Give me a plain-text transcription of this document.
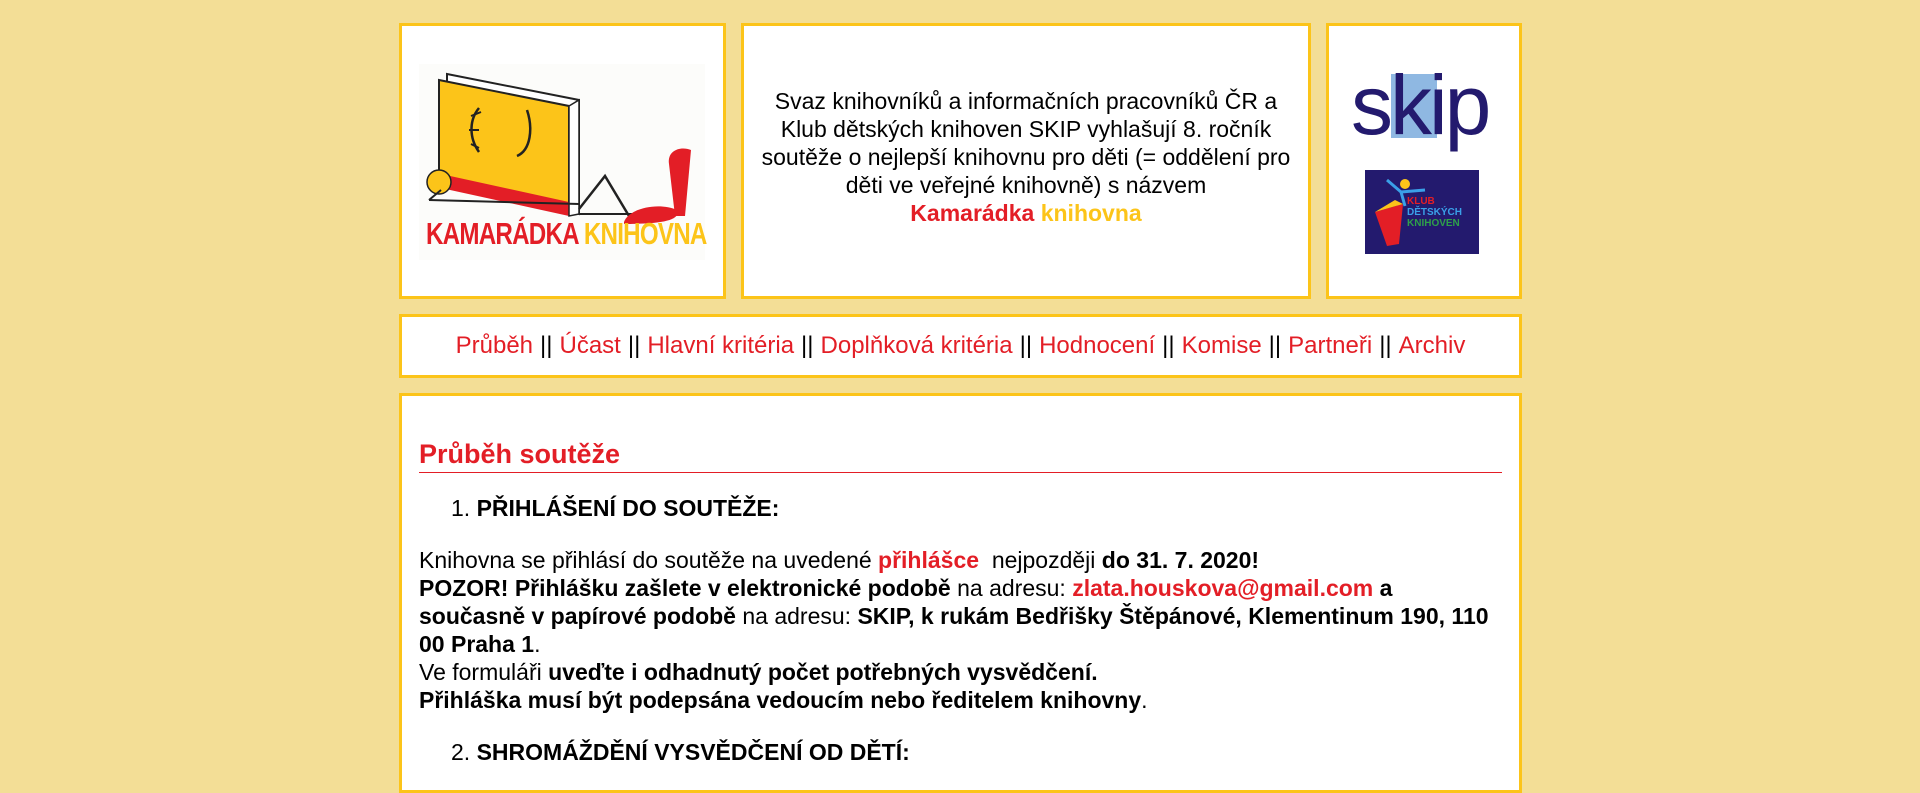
KAMARÁDKA KNIHOVNA
Svaz knihovníků a informačních pracovníků ČR a Klub dětských knihoven SKIP vyhlašují 8. ročník soutěže o nejlepší knihovnu pro děti (= oddělení pro děti ve veřejné knihovně) s názvem
Kamarádka knihovna
skip
KLUB
DĚTSKÝCH
KNIHOVEN
Průběh || Účast || Hlavní kritéria || Doplňková kritéria || Hodnocení || Komise || Partneři || Archiv
Průběh soutěže
1. PŘIHLÁŠENÍ DO SOUTĚŽE:
Knihovna se přihlásí do soutěže na uvedené přihlášce  nejpozději do 31. 7. 2020!
POZOR! Přihlášku zašlete v elektronické podobě na adresu: zlata.houskova@gmail.com a současně v papírové podobě na adresu: SKIP, k rukám Bedřišky Štěpánové, Klementinum 190, 110 00 Praha 1.
Ve formuláři uveďte i odhadnutý počet potřebných vysvědčení.
Přihláška musí být podepsána vedoucím nebo ředitelem knihovny.
2. SHROMÁŽDĚNÍ VYSVĚDČENÍ OD DĚTÍ:
